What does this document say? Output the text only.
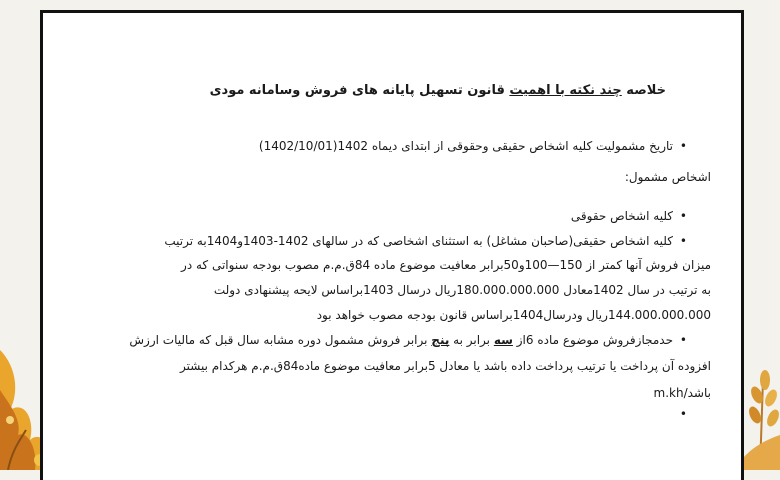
خلاصه چند نکته با اهمیت قانون تسهیل پایانه های فروش وسامانه مودی
• تاریخ مشمولیت کلیه اشخاص حقیقی وحقوقی از ابتدای دیماه 1402(1402/10/01)
اشخاص مشمول:
• کلیه اشخاص حقوقی
• کلیه اشخاص حقیقی(صاحبان مشاغل) به استثنای اشخاصی که در سالهای 1402-1403و1404به ترتیب
میزان فروش آنها کمتر از 150—100و50برابر معافیت موضوع ماده 84ق.م.م مصوب بودجه سنواتی که در
به ترتیب در سال 1402معادل 180.000.000.000ریال درسال 1403براساس لایحه پیشنهادی دولت
144.000.000.000ریال ودرسال1404براساس قانون بودجه مصوب خواهد بود
• حدمجازفروش موضوع ماده 6از سه برابر به پنج برابر فروش مشمول دوره مشابه سال قبل که مالیات ارزش
افزوده آن پرداخت یا ترتیب پرداخت داده باشد یا معادل 5برابر معافیت موضوع ماده84ق.م.م هرکدام بیشتر
باشد/m.kh
